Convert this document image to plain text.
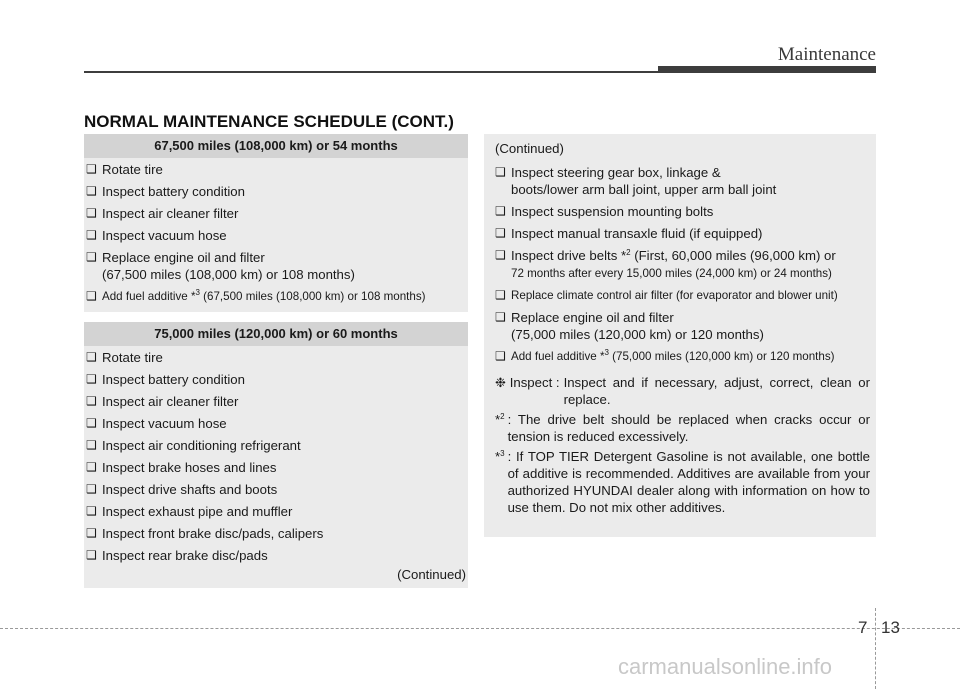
Maintenance
NORMAL MAINTENANCE SCHEDULE (CONT.)
67,500 miles (108,000 km) or 54 months
❑ Rotate tire
❑ Inspect battery condition
❑ Inspect air cleaner filter
❑ Inspect vacuum hose
❑ Replace engine oil and filter
(67,500 miles (108,000 km) or 108 months)
❑ Add fuel additive *$^3$ (67,500 miles (108,000 km) or 108 months)
75,000 miles (120,000 km) or 60 months
❑ Rotate tire
❑ Inspect battery condition
❑ Inspect air cleaner filter
❑ Inspect vacuum hose
❑ Inspect air conditioning refrigerant
❑ Inspect brake hoses and lines
❑ Inspect drive shafts and boots
❑ Inspect exhaust pipe and muffler
❑ Inspect front brake disc/pads, calipers
❑ Inspect rear brake disc/pads
(Continued)
(Continued)
❑ Inspect steering gear box, linkage &
boots/lower arm ball joint, upper arm ball joint
❑ Inspect suspension mounting bolts
❑ Inspect manual transaxle fluid (if equipped)
❑ Inspect drive belts *$^2$ (First, 60,000 miles (96,000 km) or
72 months after every 15,000 miles (24,000 km) or 24 months)
❑ Replace climate control air filter (for evaporator and blower unit)
❑ Replace engine oil and filter
(75,000 miles (120,000 km) or 120 months)
❑ Add fuel additive *$^3$ (75,000 miles (120,000 km) or 120 months)
❉ Inspect : Inspect and if necessary, adjust, correct, clean or replace.
*$^2$ : The drive belt should be replaced when cracks occur or tension is reduced excessively.
*$^3$ : If TOP TIER Detergent Gasoline is not available, one bottle of additive is recommended. Additives are available from your authorized HYUNDAI dealer along with information on how to use them. Do not mix other additives.
7 13
carmanualsonline.info
